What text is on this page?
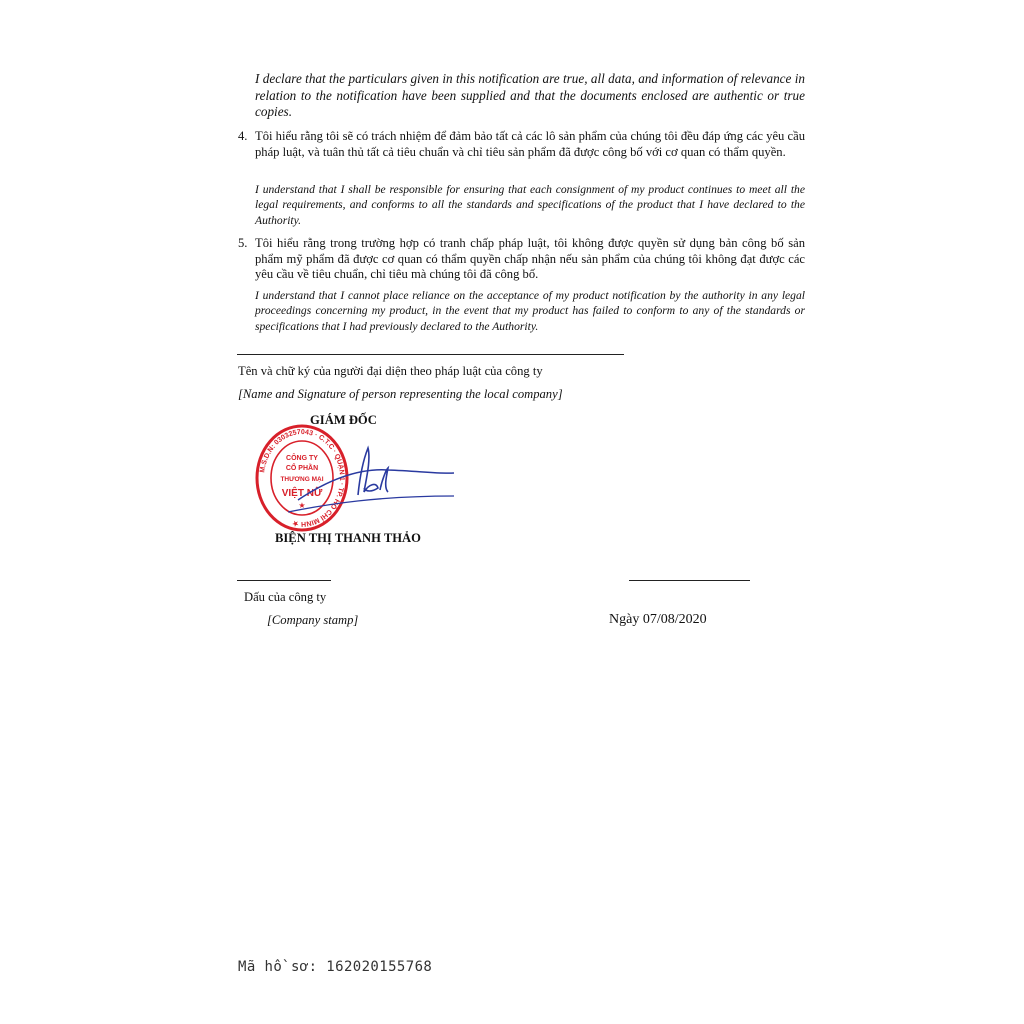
I declare that the particulars given in this notification are true, all data, and information of relevance in relation to the notification have been supplied and that the documents enclosed are authentic or true copies.
4. Tôi hiểu rằng tôi sẽ có trách nhiệm để đảm bảo tất cả các lô sản phẩm của chúng tôi đều đáp ứng các yêu cầu pháp luật, và tuân thủ tất cả tiêu chuẩn và chỉ tiêu sản phẩm đã được công bố với cơ quan có thẩm quyền.
I understand that I shall be responsible for ensuring that each consignment of my product continues to meet all the legal requirements, and conforms to all the standards and specifications of the product that I have declared to the Authority.
5. Tôi hiểu rằng trong trường hợp có tranh chấp pháp luật, tôi không được quyền sử dụng bản công bố sản phẩm mỹ phẩm đã được cơ quan có thẩm quyền chấp nhận nếu sản phẩm của chúng tôi không đạt được các yêu cầu về tiêu chuẩn, chỉ tiêu mà chúng tôi đã công bố.
I understand that I cannot place reliance on the acceptance of my product notification by the authority in any legal proceedings concerning my product, in the event that my product has failed to conform to any of the standards or specifications that I had previously declared to the Authority.
Tên và chữ ký của người đại diện theo pháp luật của công ty
[Name and Signature of person representing the local company]
GIÁM ĐỐC
M.S.D.N: 0303257043 · C.T.C · QUẬN 1 · TP. HỒ CHÍ MINH ★
CÔNG TY
CỔ PHẦN
THƯƠNG MẠI
VIỆT NỮ
★
BIỆN THỊ THANH THẢO
Dấu của công ty
[Company stamp]	Ngày 07/08/2020
Mã hồ sơ: 162020155768
